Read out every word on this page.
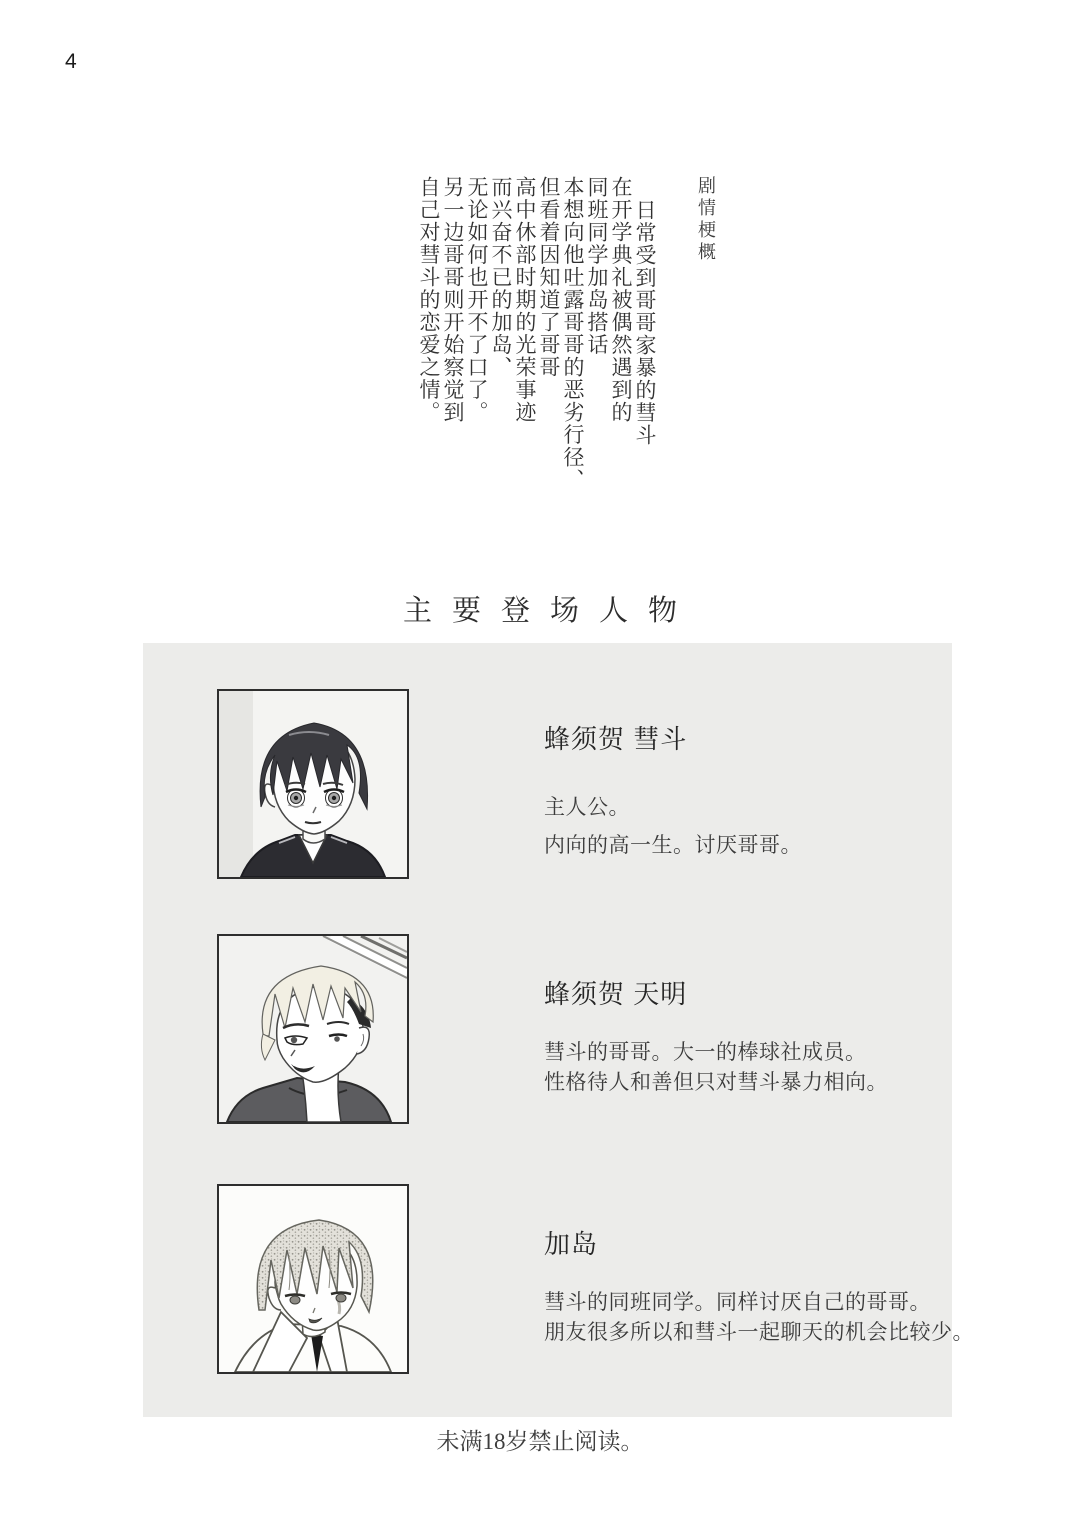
4
剧情梗概
日常受到哥哥家暴的彗斗
在开学典礼被偶然遇到的
同班同学加岛搭话
本想向他吐露哥哥的恶劣行径、
但看着因知道了哥哥
高中休部时期的光荣事迹
而兴奋不已的加岛、
无论如何也开不了口了。
另一边哥哥则开始察觉到
自己对彗斗的恋爱之情。
主要登场人物
蜂须贺 彗斗
主人公。
内向的高一生。讨厌哥哥。
蜂须贺 天明
彗斗的哥哥。大一的棒球社成员。
性格待人和善但只对彗斗暴力相向。
加岛
彗斗的同班同学。同样讨厌自己的哥哥。
朋友很多所以和彗斗一起聊天的机会比较少。
未满18岁禁止阅读。
